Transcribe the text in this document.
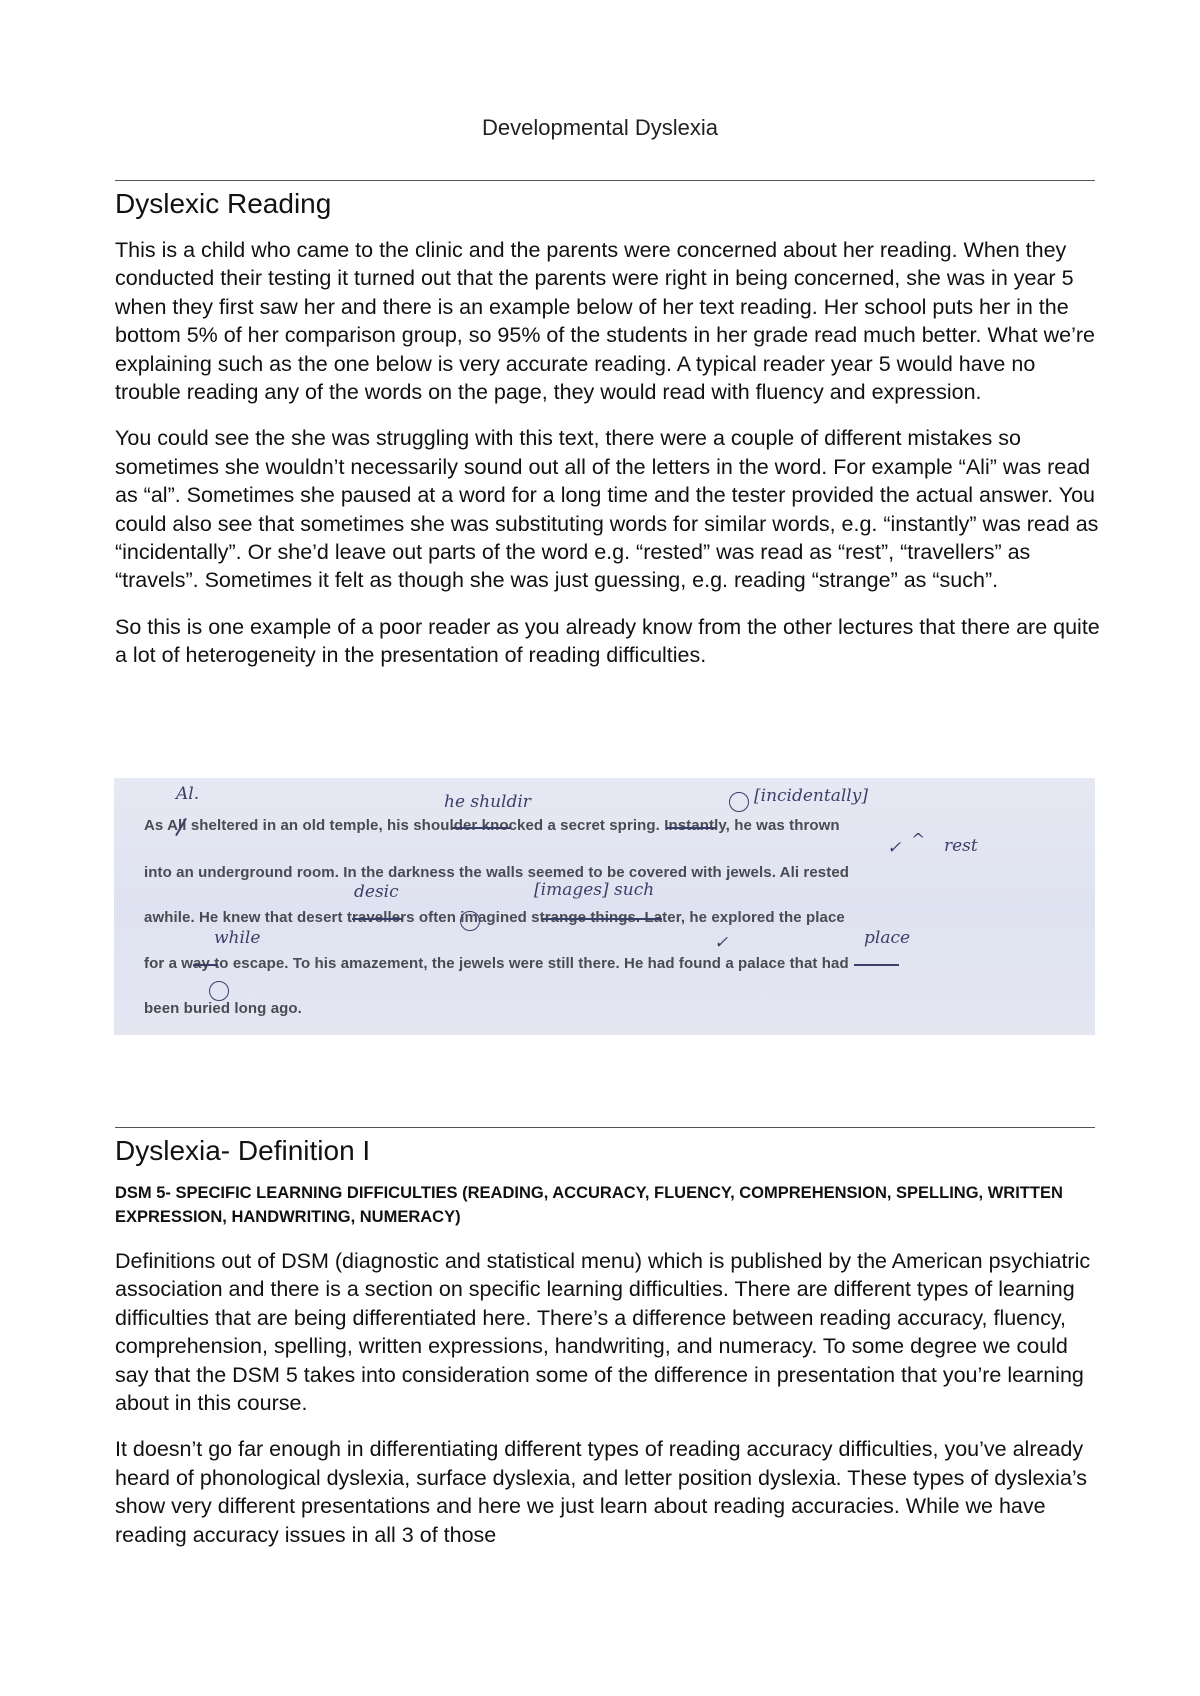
Developmental Dyslexia
Dyslexic Reading

This is a child who came to the clinic and the parents were concerned about her reading. When they conducted their testing it turned out that the parents were right in being concerned, she was in year 5 when they first saw her and there is an example below of her text reading. Her school puts her in the bottom 5% of her comparison group, so 95% of the students in her grade read much better. What we’re explaining such as the one below is very accurate reading. A typical reader year 5 would have no trouble reading any of the words on the page, they would read with fluency and expression.

You could see the she was struggling with this text, there were a couple of different mistakes so sometimes she wouldn’t necessarily sound out all of the letters in the word. For example “Ali” was read as “al”. Sometimes she paused at a word for a long time and the tester provided the actual answer. You could also see that sometimes she was substituting words for similar words, e.g. “instantly” was read as “incidentally”. Or she’d leave out parts of the word e.g. “rested” was read as “rest”, “travellers” as “travels”. Sometimes it felt as though she was just guessing, e.g. reading “strange” as “such”.

So this is one example of a poor reader as you already know from the other lectures that there are quite a lot of heterogeneity in the presentation of reading difficulties.

As Ali sheltered in an old temple, his shoulder knocked a secret spring. Instantly, he was thrown
into an underground room. In the darkness the walls seemed to be covered with jewels. Ali rested
awhile. He knew that desert travellers often imagined strange things. Later, he explored the place
for a way to escape. To his amazement, the jewels were still there. He had found a palace that had
been buried long ago.
Al.	he shuldir	[incidentally]
✓ ^ rest
desic	[images] such
while	✓	place
Dyslexia- Definition I

DSM 5- SPECIFIC LEARNING DIFFICULTIES (READING, ACCURACY, FLUENCY, COMPREHENSION, SPELLING, WRITTEN EXPRESSION, HANDWRITING, NUMERACY)

Definitions out of DSM (diagnostic and statistical menu) which is published by the American psychiatric association and there is a section on specific learning difficulties. There are different types of learning difficulties that are being differentiated here. There’s a difference between reading accuracy, fluency, comprehension, spelling, written expressions, handwriting, and numeracy. To some degree we could say that the DSM 5 takes into consideration some of the difference in presentation that you’re learning about in this course.

It doesn’t go far enough in differentiating different types of reading accuracy difficulties, you’ve already heard of phonological dyslexia, surface dyslexia, and letter position dyslexia. These types of dyslexia’s show very different presentations and here we just learn about reading accuracies. While we have reading accuracy issues in all 3 of those
